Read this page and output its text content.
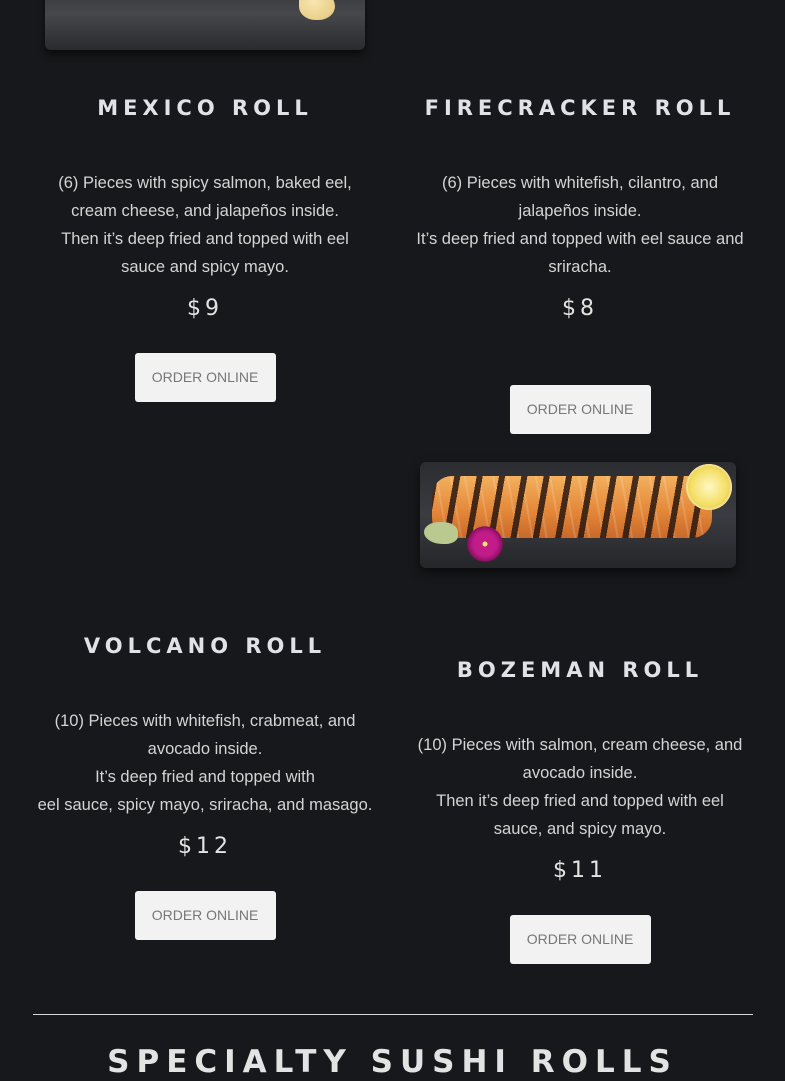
MEXICO ROLL

(6) Pieces with spicy salmon, baked eel,
cream cheese, and jalapeños inside.
Then it’s deep fried and topped with eel
sauce and spicy mayo.

$9

ORDER ONLINE
FIRECRACKER ROLL

(6) Pieces with whitefish, cilantro, and
jalapeños inside.
It’s deep fried and topped with eel sauce and
sriracha.

$8

ORDER ONLINE
VOLCANO ROLL

(10) Pieces with whitefish, crabmeat, and
avocado inside.
It’s deep fried and topped with
eel sauce, spicy mayo, sriracha, and masago.

$12

ORDER ONLINE
BOZEMAN ROLL

(10) Pieces with salmon, cream cheese, and
avocado inside.
Then it’s deep fried and topped with eel
sauce, and spicy mayo.

$11

ORDER ONLINE
SPECIALTY SUSHI ROLLS
